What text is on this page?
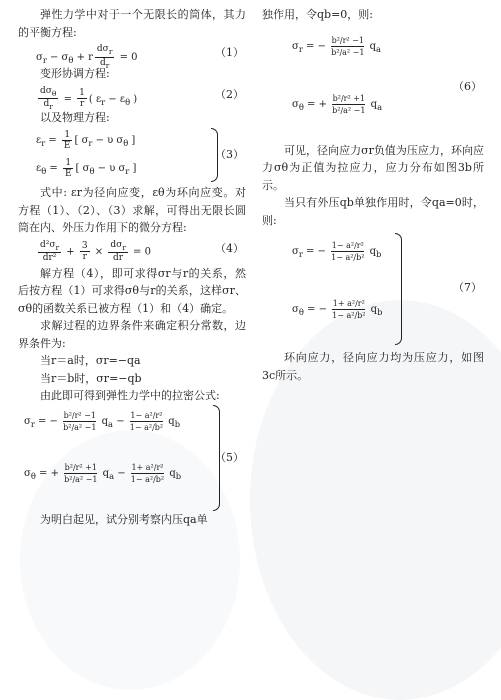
弹性力学中对于一个无限长的筒体，其力的平衡方程:

$\sigma_r - \sigma_\theta + r \frac{d\sigma_r}{d_r} = 0$	（1）

变形协调方程:

$\frac{d\sigma_\theta}{d_r} = \frac{1}{r}$ ( $\varepsilon_r - \varepsilon_\theta$ )	（2）

以及物理方程:

$\varepsilon_r = \frac{1}{E}$ [ $\sigma_r - \upsilon$ $\sigma_\theta$ ]
$\varepsilon_\theta = \frac{1}{E}$ [ $\sigma_\theta - \upsilon$ $\sigma_r$ ]
（3）

式中: εr为径向应变，εθ为环向应变。对方程（1）、（2）、（3）求解，可得出无限长圆筒在内、外压力作用下的微分方程:

$\frac{d^2\sigma_r}{\text{dr²}} + \frac{3}{r} \times \frac{d\sigma_r}{dr} = 0$	（4）

解方程（4），即可求得σr与r的关系，然后按方程（1）可求得σθ与r的关系，这样σr、σθ的函数关系已被方程（1）和（4）确定。

求解过程的边界条件来确定积分常数，边界条件为:

当r＝a时，σr=−qa

当r＝b时，σr=−qb

由此即可得到弹性力学中的拉密公式:

$\sigma_r$ = − $\frac{\text{b²/r² −1}}{\text{b²/a² −1}} q_a - \frac{\text{1− a²/r²}}{\text{1− a²/b²}} q_b$
$\sigma_\theta$ = + $\frac{\text{b²/r² +1}}{\text{b²/a² −1}} q_a - \frac{\text{1+ a²/r²}}{\text{1− a²/b²}} q_b$
（5）

为明白起见，试分别考察内压qa单

独作用，令qb=0，则:

$\sigma_r$ = − $\frac{\text{b²/r² −1}}{\text{b²/a² −1}} q_a$
$\sigma_\theta$ = + $\frac{\text{b²/r² +1}}{\text{b²/a² −1}} q_a$
（6）

可见，径向应力σr负值为压应力，环向应力σθ为正值为拉应力，应力分布如图3b所示。

当只有外压qb单独作用时，令qa=0时，则:

$\sigma_r$ = − $\frac{\text{1− a²/r²}}{\text{1− a²/b²}} q_b$
$\sigma_\theta$ = − $\frac{\text{1+ a²/r²}}{\text{1− a²/b²}} q_b$
（7）

环向应力，径向应力均为压应力，如图3c所示。
